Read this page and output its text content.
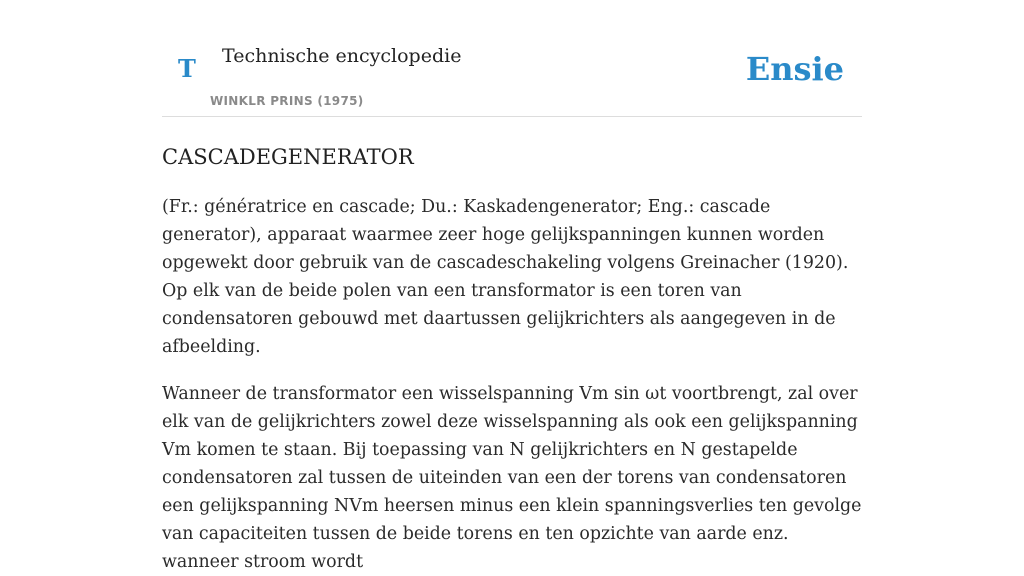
T Technische encyclopedie
WINKLR PRINS (1975)
Ensie
CASCADEGENERATOR

(Fr.: génératrice en cascade; Du.: Kaskadengenerator; Eng.: cascade generator), apparaat waarmee zeer hoge gelijkspanningen kunnen worden opgewekt door gebruik van de cascadeschakeling volgens Greinacher (1920). Op elk van de beide polen van een transformator is een toren van condensatoren gebouwd met daartussen gelijkrichters als aangegeven in de afbeelding.

Wanneer de transformator een wisselspanning Vm sin ωt voortbrengt, zal over elk van de gelijkrichters zowel deze wisselspanning als ook een gelijkspanning Vm komen te staan. Bij toepassing van N gelijkrichters en N gestapelde condensatoren zal tussen de uiteinden van een der torens van condensatoren een gelijkspanning NVm heersen minus een klein spanningsverlies ten gevolge van capaciteiten tussen de beide torens en ten opzichte van aarde enz. wanneer stroom wordt
